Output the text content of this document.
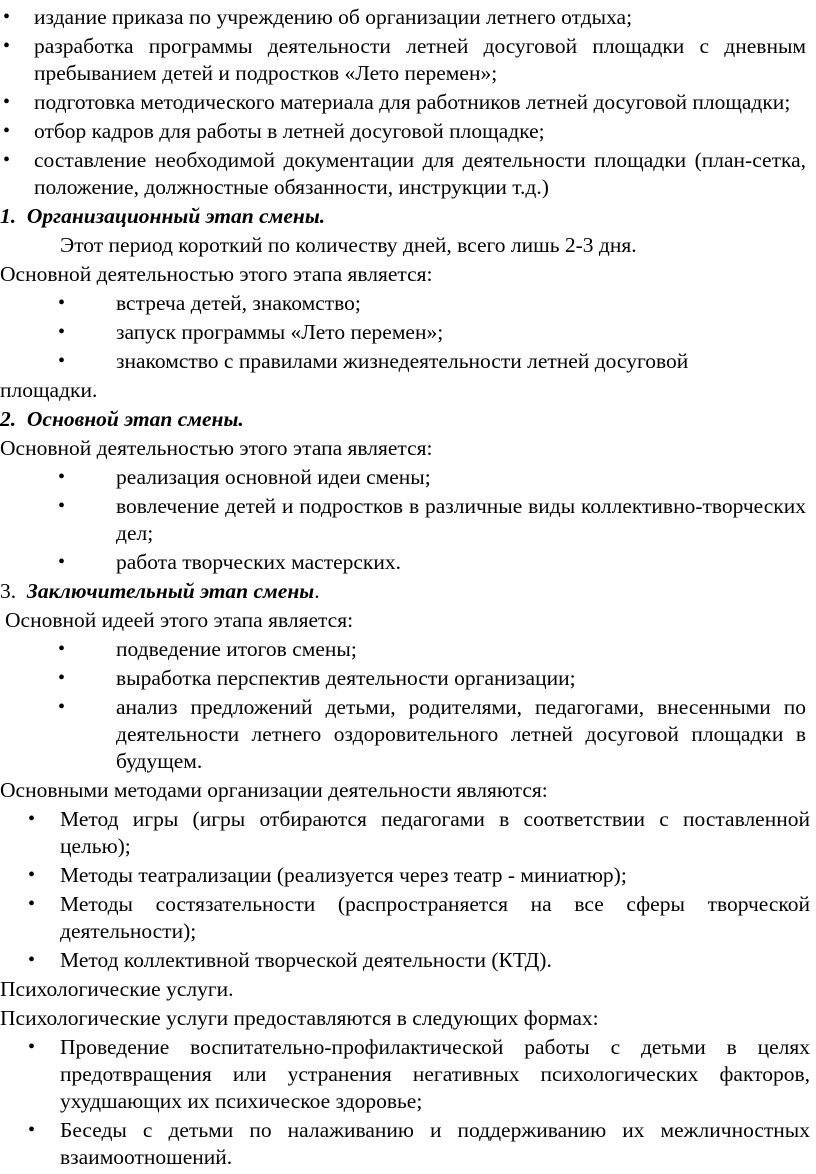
• издание приказа по учреждению об организации летнего отдыха;
• разработка программы деятельности летней досуговой площадки с дневным пребыванием детей и подростков «Лето перемен»;
• подготовка методического материала для работников летней досуговой площадки;
• отбор кадров для работы в летней досуговой площадке;
• составление необходимой документации для деятельности площадки (план-сетка, положение, должностные обязанности, инструкции т.д.)
1. Организационный этап смены.
Этот период короткий по количеству дней, всего лишь 2-3 дня.
Основной деятельностью этого этапа является:
• встреча детей, знакомство;
• запуск программы «Лето перемен»;
• знакомство с правилами жизнедеятельности летней досуговой
площадки.
2. Основной этап смены.
Основной деятельностью этого этапа является:
• реализация основной идеи смены;
• вовлечение детей и подростков в различные виды коллективно-творческих дел;
• работа творческих мастерских.
3. Заключительный этап смены.
Основной идеей этого этапа является:
• подведение итогов смены;
• выработка перспектив деятельности организации;
• анализ предложений детьми, родителями, педагогами, внесенными по деятельности летнего оздоровительного летней досуговой площадки в будущем.
Основными методами организации деятельности являются:
• Метод игры (игры отбираются педагогами в соответствии с поставленной целью);
• Методы театрализации (реализуется через театр - миниатюр);
• Методы состязательности (распространяется на все сферы творческой деятельности);
• Метод коллективной творческой деятельности (КТД).
Психологические услуги.
Психологические услуги предоставляются в следующих формах:
• Проведение воспитательно-профилактической работы с детьми в целях предотвращения или устранения негативных психологических факторов, ухудшающих их психическое здоровье;
• Беседы с детьми по налаживанию и поддерживанию их межличностных взаимоотношений.
